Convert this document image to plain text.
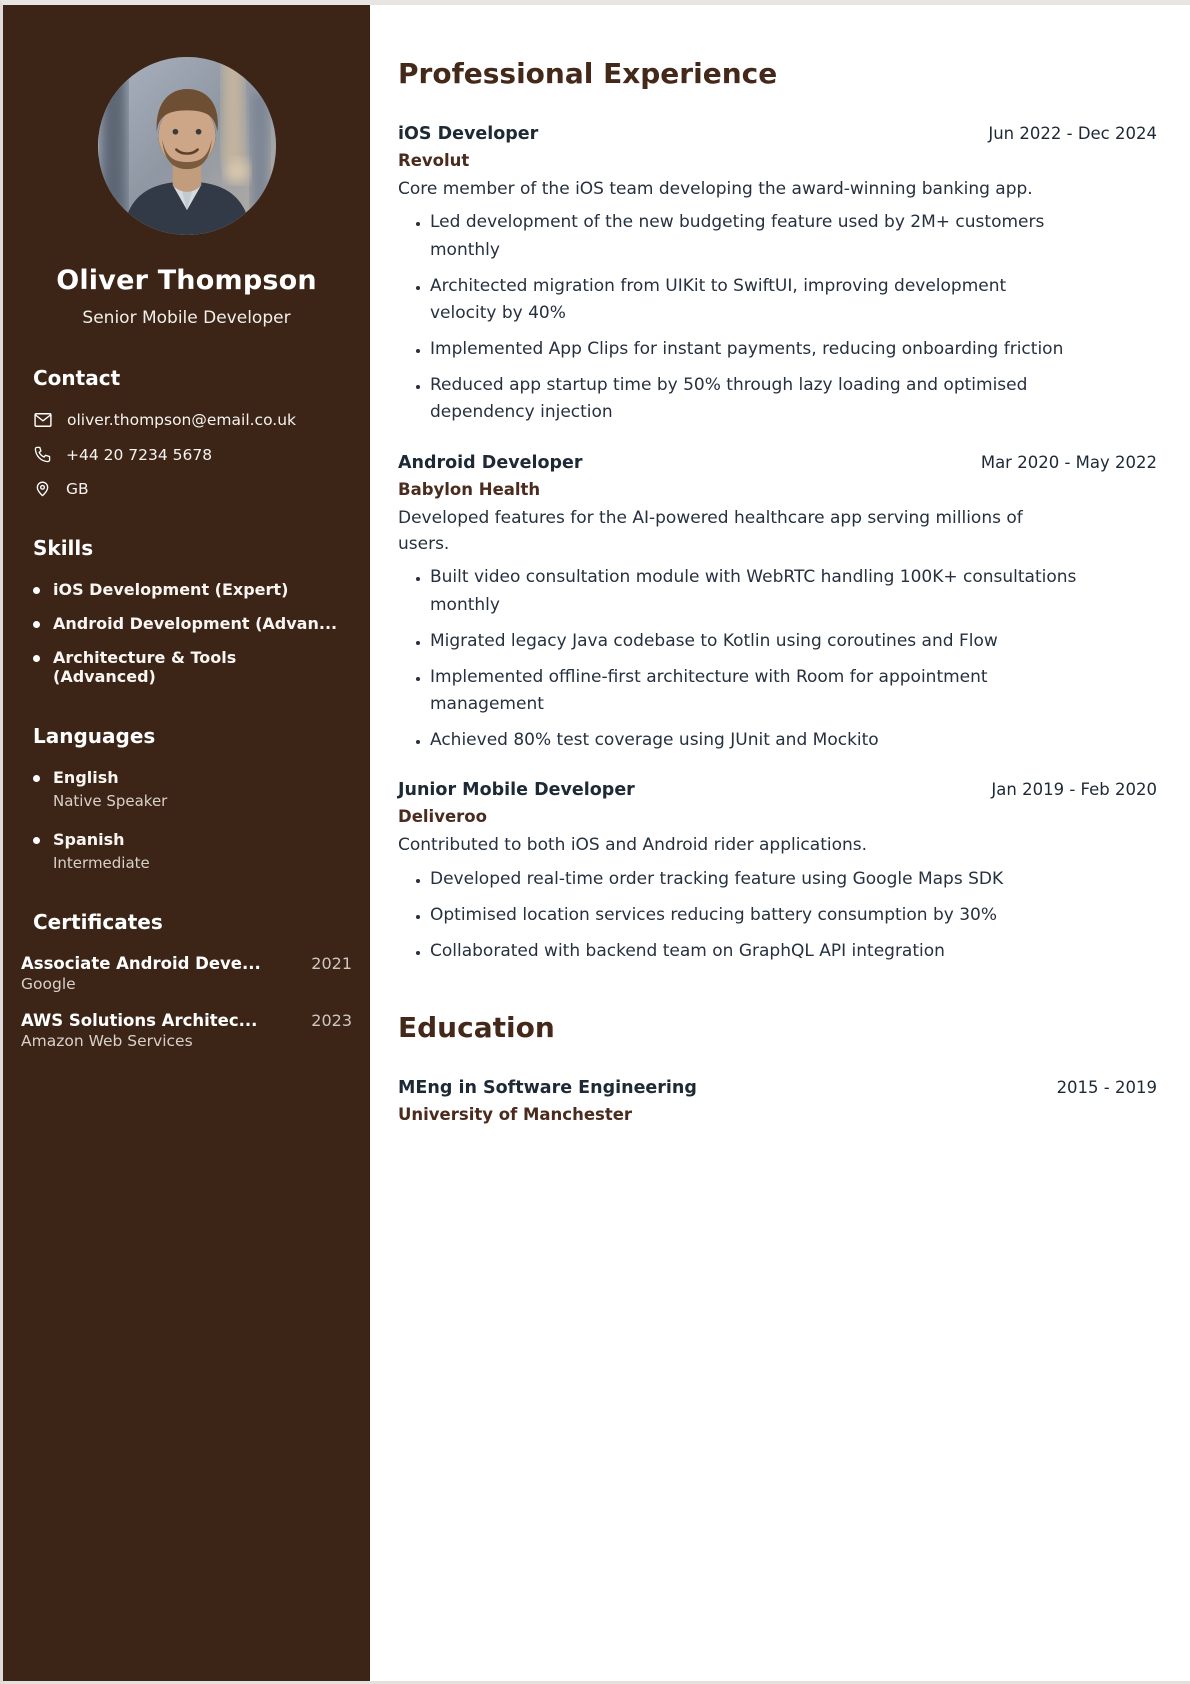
Oliver Thompson
Senior Mobile Developer
Contact
oliver.thompson@email.co.uk
+44 20 7234 5678
GB
Skills
iOS Development (Expert)
Android Development (Advan...
Architecture & Tools (Advanced)
Languages
English
Native Speaker
Spanish
Intermediate
Certificates
Associate Android Deve...	2021
Google
AWS Solutions Architec...	2023
Amazon Web Services
Professional Experience
iOS Developer	Jun 2022 - Dec 2024
Revolut
Core member of the iOS team developing the award-winning banking app.
• Led development of the new budgeting feature used by 2M+ customers monthly
• Architected migration from UIKit to SwiftUI, improving development velocity by 40%
• Implemented App Clips for instant payments, reducing onboarding friction
• Reduced app startup time by 50% through lazy loading and optimised dependency injection
Android Developer	Mar 2020 - May 2022
Babylon Health
Developed features for the AI-powered healthcare app serving millions of users.
• Built video consultation module with WebRTC handling 100K+ consultations monthly
• Migrated legacy Java codebase to Kotlin using coroutines and Flow
• Implemented offline-first architecture with Room for appointment management
• Achieved 80% test coverage using JUnit and Mockito
Junior Mobile Developer	Jan 2019 - Feb 2020
Deliveroo
Contributed to both iOS and Android rider applications.
• Developed real-time order tracking feature using Google Maps SDK
• Optimised location services reducing battery consumption by 30%
• Collaborated with backend team on GraphQL API integration
Education
MEng in Software Engineering	2015 - 2019
University of Manchester
